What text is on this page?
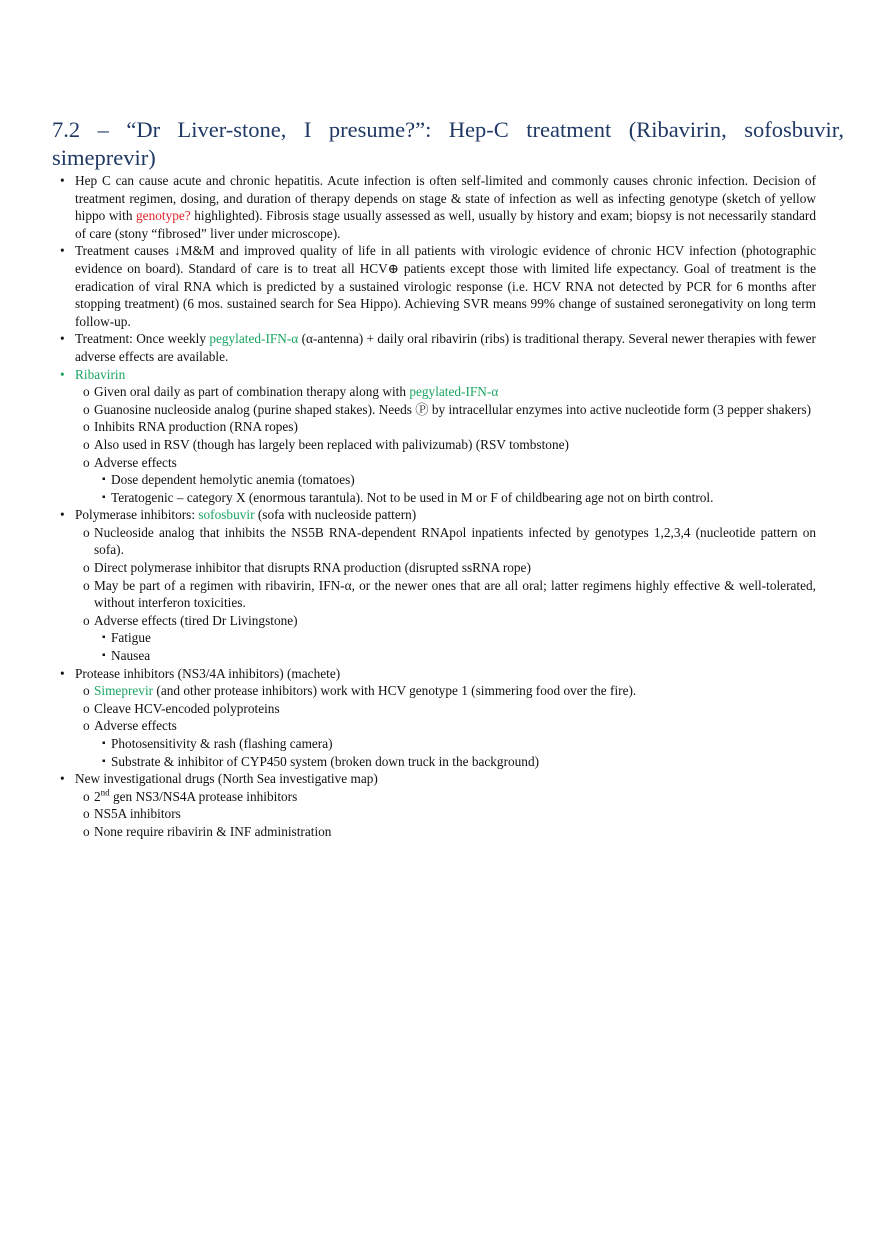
7.2 – “Dr Liver-stone, I presume?”: Hep-C treatment (Ribavirin, sofosbuvir,
simeprevir)
• Hep C can cause acute and chronic hepatitis. Acute infection is often self-limited and commonly causes chronic infection. Decision of treatment regimen, dosing, and duration of therapy depends on stage & state of infection as well as infecting genotype (sketch of yellow hippo with genotype? highlighted). Fibrosis stage usually assessed as well, usually by history and exam; biopsy is not necessarily standard of care (stony “fibrosed” liver under microscope).
• Treatment causes ↓M&M and improved quality of life in all patients with virologic evidence of chronic HCV infection (photographic evidence on board). Standard of care is to treat all HCV⊕ patients except those with limited life expectancy. Goal of treatment is the eradication of viral RNA which is predicted by a sustained virologic response (i.e. HCV RNA not detected by PCR for 6 months after stopping treatment) (6 mos. sustained search for Sea Hippo). Achieving SVR means 99% change of sustained seronegativity on long term follow-up.
• Treatment: Once weekly pegylated-IFN-α (α-antenna) + daily oral ribavirin (ribs) is traditional therapy. Several newer therapies with fewer adverse effects are available.
• Ribavirin
o Given oral daily as part of combination therapy along with pegylated-IFN-α
o Guanosine nucleoside analog (purine shaped stakes). Needs Ⓟ by intracellular enzymes into active nucleotide form (3 pepper shakers)
o Inhibits RNA production (RNA ropes)
o Also used in RSV (though has largely been replaced with palivizumab) (RSV tombstone)
o Adverse effects
▪ Dose dependent hemolytic anemia (tomatoes)
▪ Teratogenic – category X (enormous tarantula). Not to be used in M or F of childbearing age not on birth control.
• Polymerase inhibitors: sofosbuvir (sofa with nucleoside pattern)
o Nucleoside analog that inhibits the NS5B RNA-dependent RNApol inpatients infected by genotypes 1,2,3,4 (nucleotide pattern on sofa).
o Direct polymerase inhibitor that disrupts RNA production (disrupted ssRNA rope)
o May be part of a regimen with ribavirin, IFN-α, or the newer ones that are all oral; latter regimens highly effective & well-tolerated, without interferon toxicities.
o Adverse effects (tired Dr Livingstone)
▪ Fatigue
▪ Nausea
• Protease inhibitors (NS3/4A inhibitors) (machete)
o Simeprevir (and other protease inhibitors) work with HCV genotype 1 (simmering food over the fire).
o Cleave HCV-encoded polyproteins
o Adverse effects
▪ Photosensitivity & rash (flashing camera)
▪ Substrate & inhibitor of CYP450 system (broken down truck in the background)
• New investigational drugs (North Sea investigative map)
o 2nd gen NS3/NS4A protease inhibitors
o NS5A inhibitors
o None require ribavirin & INF administration
